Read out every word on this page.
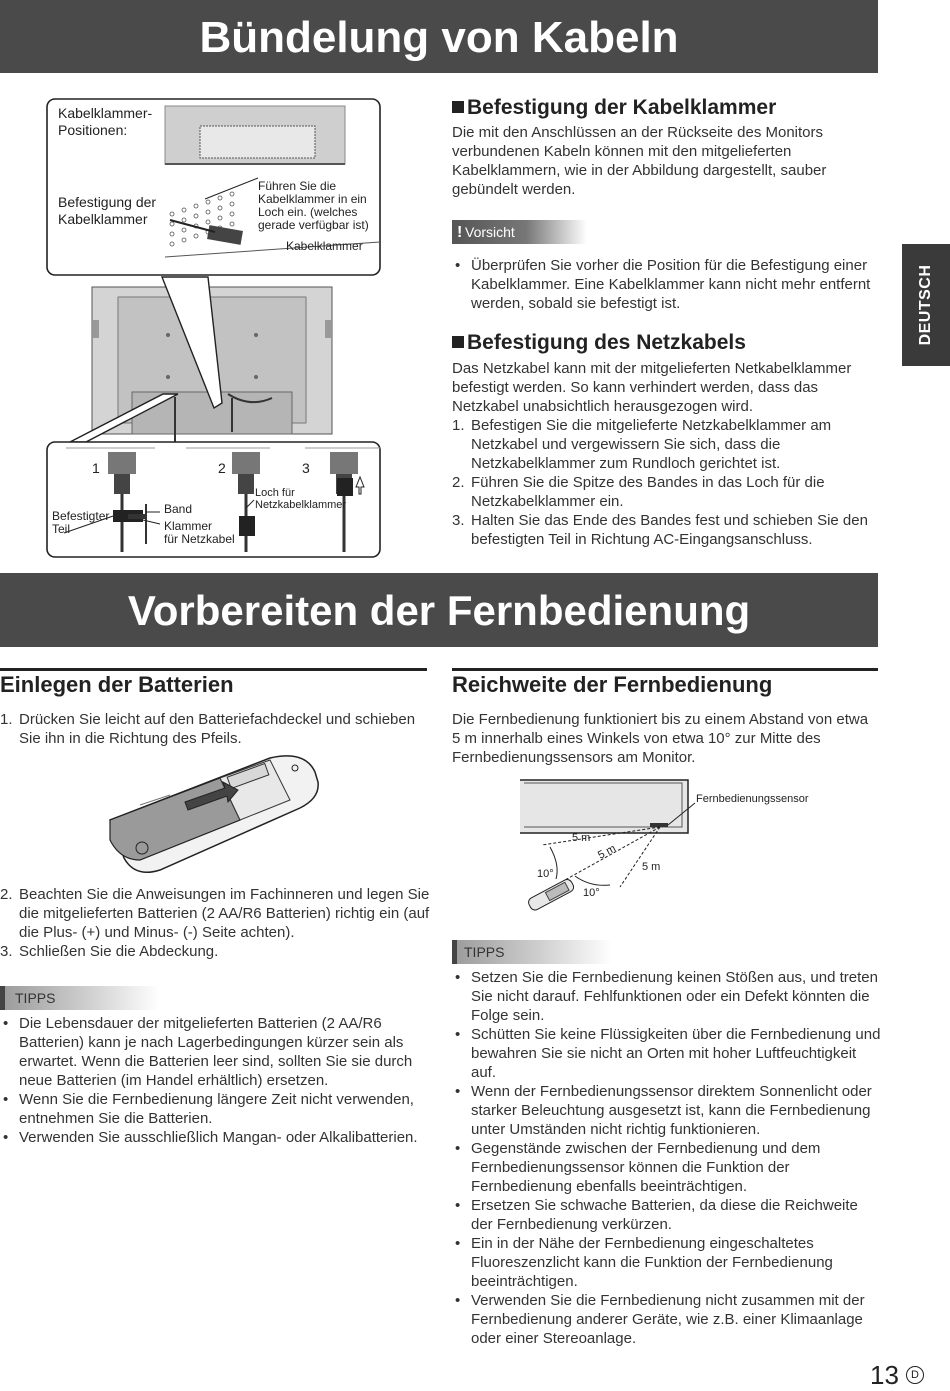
Bündelung von Kabeln
DEUTSCH
Kabelklammer-
Positionen:
Befestigung der
Kabelklammer
Führen Sie die
Kabelklammer in ein
Loch ein. (welches
gerade verfügbar ist)
Kabelklammer
1	2	3
Befestigter
Teil
Band
Klammer
für Netzkabel
Loch für
Netzkabelklammer
Befestigung der Kabelklammer
Die mit den Anschlüssen an der Rückseite des Monitors verbundenen Kabeln können mit den mitgelieferten Kabelklammern, wie in der Abbildung dargestellt, sauber gebündelt werden.
! Vorsicht
• Überprüfen Sie vorher die Position für die Befestigung einer Kabelklammer. Eine Kabelklammer kann nicht mehr entfernt werden, sobald sie befestigt ist.
Befestigung des Netzkabels
Das Netzkabel kann mit der mitgelieferten Netkabelklammer befestigt werden. So kann verhindert werden, dass das Netzkabel unabsichtlich herausgezogen wird.
1. Befestigen Sie die mitgelieferte Netzkabelklammer am Netzkabel und vergewissern Sie sich, dass die Netzkabelklammer zum Rundloch gerichtet ist.
2. Führen Sie die Spitze des Bandes in das Loch für die Netzkabelklammer ein.
3. Halten Sie das Ende des Bandes fest und schieben Sie den befestigten Teil in Richtung AC-Eingangsanschluss.
Vorbereiten der Fernbedienung
Einlegen der Batterien
1. Drücken Sie leicht auf den Batteriefachdeckel und schieben Sie ihn in die Richtung des Pfeils.
2. Beachten Sie die Anweisungen im Fachinneren und legen Sie die mitgelieferten Batterien (2 AA/R6 Batterien) richtig ein (auf die Plus- (+) und Minus- (-) Seite achten).
3. Schließen Sie die Abdeckung.
TIPPS
• Die Lebensdauer der mitgelieferten Batterien (2 AA/R6 Batterien) kann je nach Lagerbedingungen kürzer sein als erwartet. Wenn die Batterien leer sind, sollten Sie sie durch neue Batterien (im Handel erhältlich) ersetzen.
• Wenn Sie die Fernbedienung längere Zeit nicht verwenden, entnehmen Sie die Batterien.
• Verwenden Sie ausschließlich Mangan- oder Alkalibatterien.
Reichweite der Fernbedienung
Die Fernbedienung funktioniert bis zu einem Abstand von etwa 5 m innerhalb eines Winkels von etwa 10° zur Mitte des Fernbedienungssensors am Monitor.
Fernbedienungssensor
5 m
5 m
5 m
10°
10°
TIPPS
• Setzen Sie die Fernbedienung keinen Stößen aus, und treten Sie nicht darauf. Fehlfunktionen oder ein Defekt könnten die Folge sein.
• Schütten Sie keine Flüssigkeiten über die Fernbedienung und bewahren Sie sie nicht an Orten mit hoher Luftfeuchtigkeit auf.
• Wenn der Fernbedienungssensor direktem Sonnenlicht oder starker Beleuchtung ausgesetzt ist, kann die Fernbedienung unter Umständen nicht richtig funktionieren.
• Gegenstände zwischen der Fernbedienung und dem Fernbedienungssensor können die Funktion der Fernbedienung ebenfalls beeinträchtigen.
• Ersetzen Sie schwache Batterien, da diese die Reichweite der Fernbedienung verkürzen.
• Ein in der Nähe der Fernbedienung eingeschaltetes Fluoreszenzlicht kann die Funktion der Fernbedienung beeinträchtigen.
• Verwenden Sie die Fernbedienung nicht zusammen mit der Fernbedienung anderer Geräte, wie z.B. einer Klimaanlage oder einer Stereoanlage.
13	D
